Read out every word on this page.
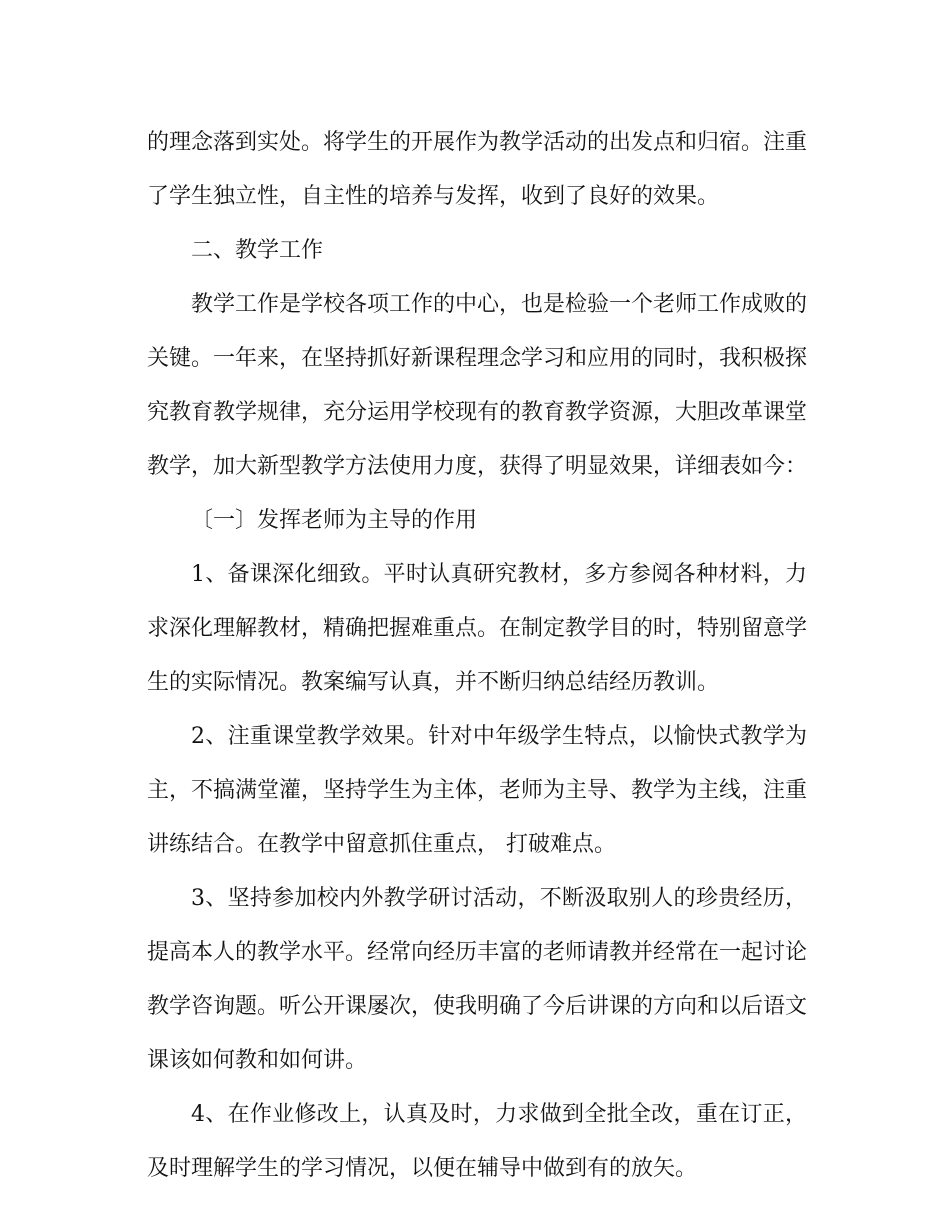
的理念落到实处。将学生的开展作为教学活动的出发点和归宿。注重了学生独立性，自主性的培养与发挥，收到了良好的效果。

二、教学工作

教学工作是学校各项工作的中心，也是检验一个老师工作成败的关键。一年来，在坚持抓好新课程理念学习和应用的同时，我积极探究教育教学规律，充分运用学校现有的教育教学资源，大胆改革课堂教学，加大新型教学方法使用力度，获得了明显效果，详细表如今：

〔一〕发挥老师为主导的作用

1、备课深化细致。平时认真研究教材，多方参阅各种材料，力求深化理解教材，精确把握难重点。在制定教学目的时，特别留意学生的实际情况。教案编写认真，并不断归纳总结经历教训。

2、注重课堂教学效果。针对中年级学生特点，以愉快式教学为主，不搞满堂灌，坚持学生为主体，老师为主导、教学为主线，注重讲练结合。在教学中留意抓住重点， 打破难点。

3、坚持参加校内外教学研讨活动，不断汲取别人的珍贵经历，提高本人的教学水平。经常向经历丰富的老师请教并经常在一起讨论教学咨询题。听公开课屡次，使我明确了今后讲课的方向和以后语文课该如何教和如何讲。

4、在作业修改上，认真及时，力求做到全批全改，重在订正，及时理解学生的学习情况，以便在辅导中做到有的放矢。
